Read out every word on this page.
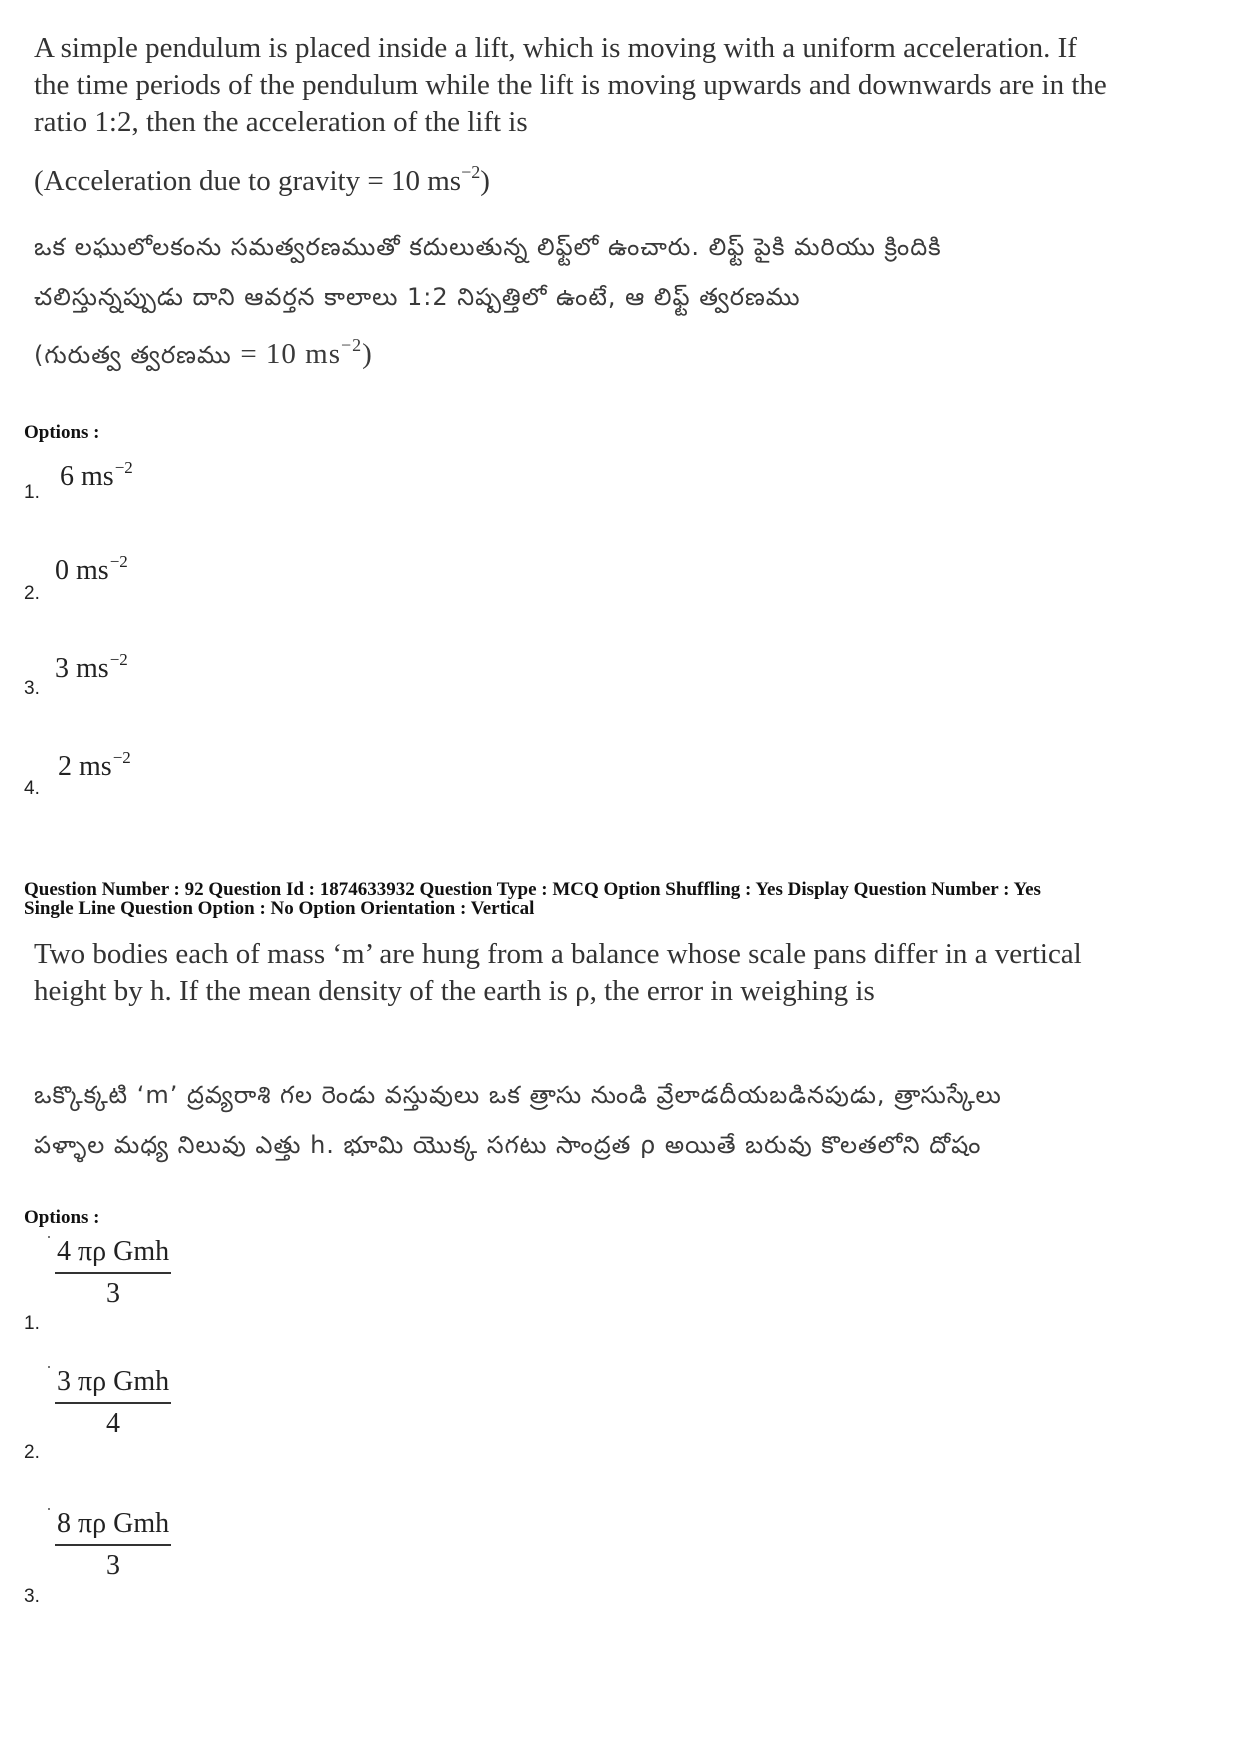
A simple pendulum is placed inside a lift, which is moving with a uniform acceleration. If
the time periods of the pendulum while the lift is moving upwards and downwards are in the
ratio 1:2, then the acceleration of the lift is
(Acceleration due to gravity = 10 $ms^{-2}$)
ఒక లఘులోలకంను సమత్వరణముతో కదులుతున్న లిఫ్ట్‌లో ఉంచారు. లిఫ్ట్ పైకి మరియు క్రిందికి
చలిస్తున్నప్పుడు దాని ఆవర్తన కాలాలు 1:2 నిష్పత్తిలో ఉంటే, ఆ లిఫ్ట్ త్వరణము
(గురుత్వ త్వరణము = 10 $ms^{-2}$)
Options :
1.
6 $ms^{-2}$
2.
0 $ms^{-2}$
3.
3 $ms^{-2}$
4.
2 $ms^{-2}$
Question Number : 92 Question Id : 1874633932 Question Type : MCQ Option Shuffling : Yes Display Question Number : Yes
Single Line Question Option : No Option Orientation : Vertical
Two bodies each of mass ‘m’ are hung from a balance whose scale pans differ in a vertical
height by h. If the mean density of the earth is ρ, the error in weighing is
ఒక్కొక్కటి ‘m’ ద్రవ్యరాశి గల రెండు వస్తువులు ఒక త్రాసు నుండి వ్రేలాడదీయబడినపుడు, త్రాసుస్కేలు
పళ్ళాల మధ్య నిలువు ఎత్తు h. భూమి యొక్క సగటు సాంద్రత ρ అయితే బరువు కొలతలోని దోషం
Options :
4 πρ Gmh
3
1.
3 πρ Gmh
4
2.
8 πρ Gmh
3
3.
